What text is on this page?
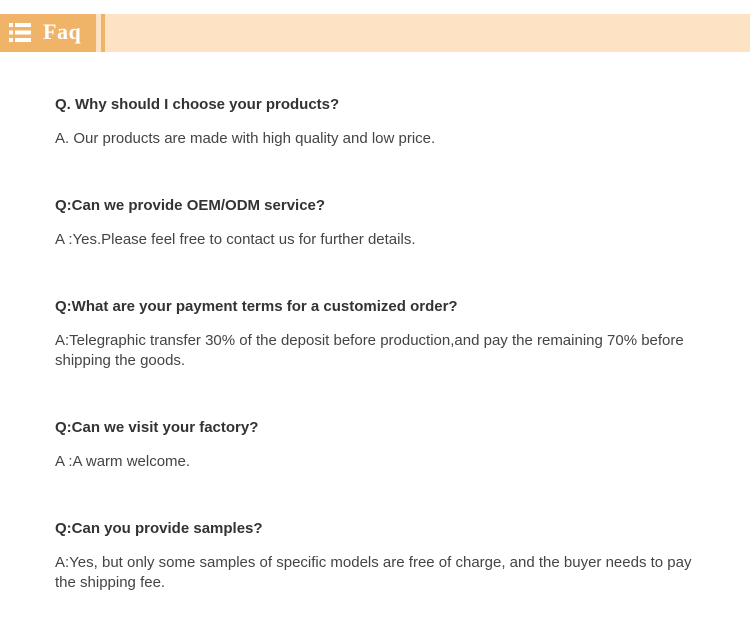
Faq

Q. Why should I choose your products?

A. Our products are made with high quality and low price.

Q:Can we provide OEM/ODM service?

A :Yes.Please feel free to contact us for further details.

Q:What are your payment terms for a customized order?

A:Telegraphic transfer 30% of the deposit before production,and pay the remaining 70% before shipping the goods.

Q:Can we visit your factory?

A :A warm welcome.

Q:Can you provide samples?

A:Yes, but only some samples of specific models are free of charge, and the buyer needs to pay the shipping fee.
